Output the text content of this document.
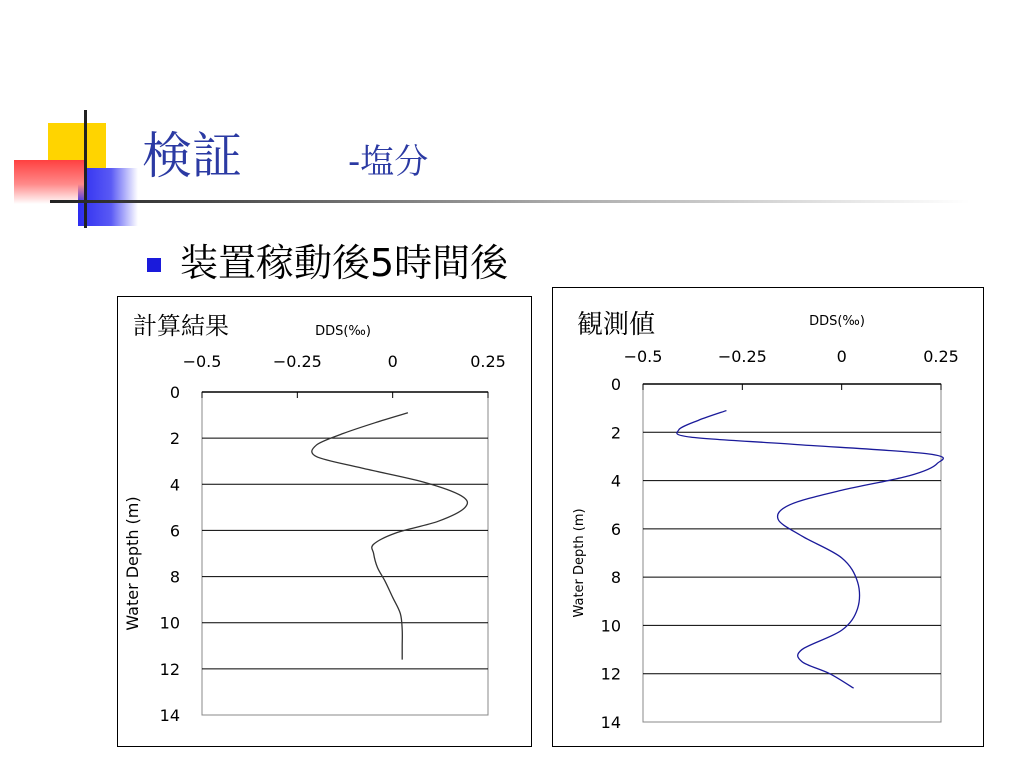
検証	-塩分
装置稼動後5時間後
計算結果	DDS(‰)
−0.5	−0.25	0	0.25
0
2
4
6
8
10
12
14
Water Depth (m)
観測値	DDS(‰)
−0.5	−0.25	0	0.25
0
2
4
6
8
10
12
14
Water Depth (m)
